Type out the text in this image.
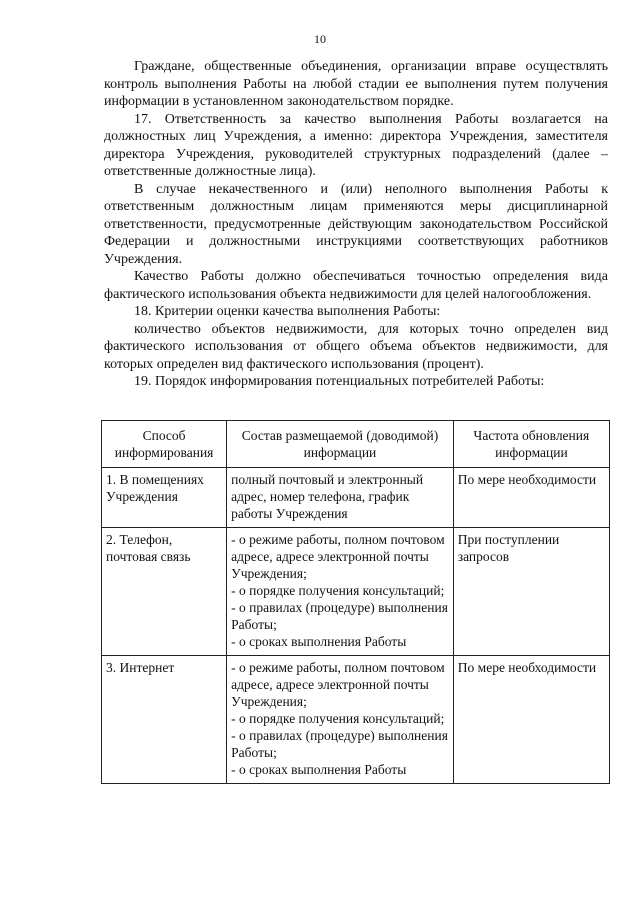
10

Граждане, общественные объединения, организации вправе осуществлять контроль выполнения Работы на любой стадии ее выполнения путем получения информации в установленном законодательством порядке.

17. Ответственность за качество выполнения Работы возлагается на должностных лиц Учреждения, а именно: директора Учреждения, заместителя директора Учреждения, руководителей структурных подразделений (далее – ответственные должностные лица).

В случае некачественного и (или) неполного выполнения Работы к ответственным должностным лицам применяются меры дисциплинарной ответственности, предусмотренные действующим законодательством Российской Федерации и должностными инструкциями соответствующих работников Учреждения.

Качество Работы должно обеспечиваться точностью определения вида фактического использования объекта недвижимости для целей налогообложения.

18. Критерии оценки качества выполнения Работы:

количество объектов недвижимости, для которых точно определен вид фактического использования от общего объема объектов недвижимости, для которых определен вид фактического использования (процент).

19. Порядок информирования потенциальных потребителей Работы:

Способ информирования	Состав размещаемой (доводимой) информации	Частота обновления информации
1. В помещениях Учреждения	полный почтовый и электронный адрес, номер телефона, график работы Учреждения	По мере необходимости
2. Телефон, почтовая связь	- о режиме работы, полном почтовом адресе, адресе электронной почты Учреждения;
- о порядке получения консультаций;
- о правилах (процедуре) выполнения Работы;
- о сроках выполнения Работы	При поступлении запросов
3. Интернет	- о режиме работы, полном почтовом адресе, адресе электронной почты Учреждения;
- о порядке получения консультаций;
- о правилах (процедуре) выполнения Работы;
- о сроках выполнения Работы	По мере необходимости
